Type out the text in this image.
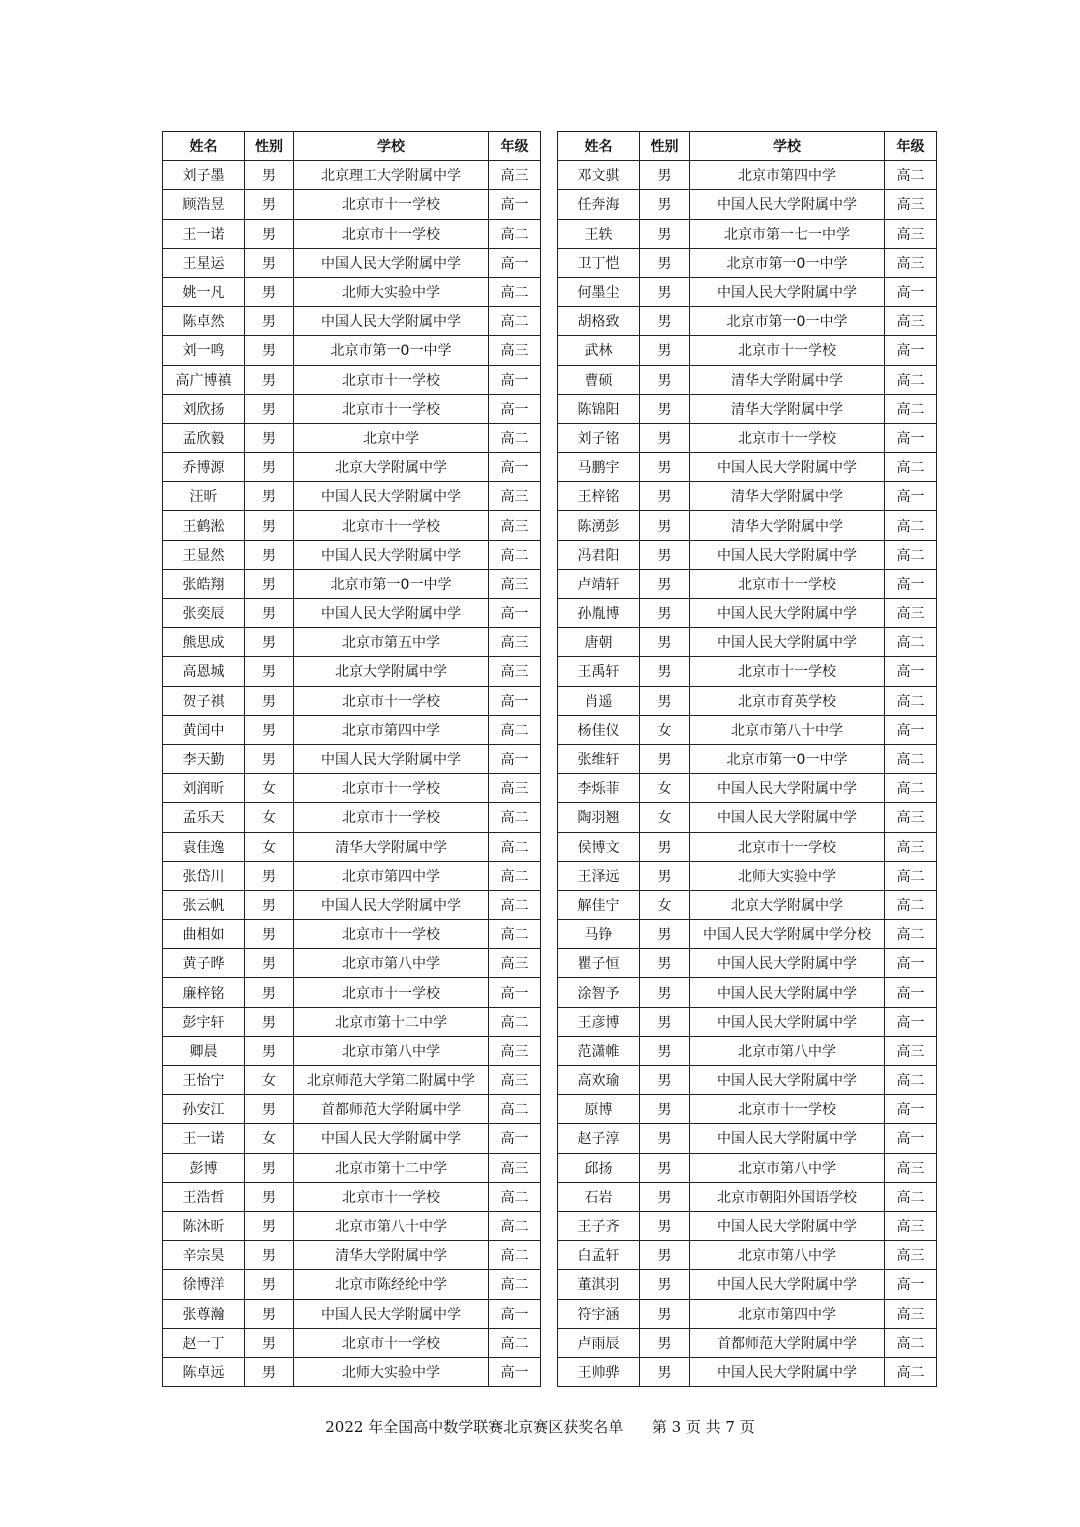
姓名	性别	学校	年级
刘子墨	男	北京理工大学附属中学	高三
顾浩昱	男	北京市十一学校	高一
王一诺	男	北京市十一学校	高二
王星运	男	中国人民大学附属中学	高一
姚一凡	男	北师大实验中学	高二
陈卓然	男	中国人民大学附属中学	高二
刘一鸣	男	北京市第一0一中学	高三
高广博禛	男	北京市十一学校	高一
刘欣扬	男	北京市十一学校	高一
孟欣毅	男	北京中学	高二
乔博源	男	北京大学附属中学	高一
汪昕	男	中国人民大学附属中学	高三
王鹤淞	男	北京市十一学校	高三
王显然	男	中国人民大学附属中学	高二
张皓翔	男	北京市第一0一中学	高三
张奕辰	男	中国人民大学附属中学	高一
熊思成	男	北京市第五中学	高三
高恩城	男	北京大学附属中学	高三
贺子祺	男	北京市十一学校	高一
黄闰中	男	北京市第四中学	高二
李天勤	男	中国人民大学附属中学	高一
刘润昕	女	北京市十一学校	高三
孟乐天	女	北京市十一学校	高二
袁佳逸	女	清华大学附属中学	高二
张岱川	男	北京市第四中学	高二
张云帆	男	中国人民大学附属中学	高二
曲相如	男	北京市十一学校	高二
黄子晔	男	北京市第八中学	高三
廉梓铭	男	北京市十一学校	高一
彭宇轩	男	北京市第十二中学	高二
卿晨	男	北京市第八中学	高三
王怡宁	女	北京师范大学第二附属中学	高三
孙安江	男	首都师范大学附属中学	高二
王一诺	女	中国人民大学附属中学	高一
彭博	男	北京市第十二中学	高三
王浩哲	男	北京市十一学校	高二
陈沐昕	男	北京市第八十中学	高二
辛宗昊	男	清华大学附属中学	高二
徐博洋	男	北京市陈经纶中学	高二
张尊瀚	男	中国人民大学附属中学	高一
赵一丁	男	北京市十一学校	高二
陈卓远	男	北师大实验中学	高一
姓名	性别	学校	年级
邓文骐	男	北京市第四中学	高二
任奔海	男	中国人民大学附属中学	高三
王轶	男	北京市第一七一中学	高三
卫丁恺	男	北京市第一0一中学	高三
何墨尘	男	中国人民大学附属中学	高一
胡格致	男	北京市第一0一中学	高三
武林	男	北京市十一学校	高一
曹硕	男	清华大学附属中学	高二
陈锦阳	男	清华大学附属中学	高二
刘子铭	男	北京市十一学校	高一
马鹏宇	男	中国人民大学附属中学	高二
王梓铭	男	清华大学附属中学	高一
陈湧彭	男	清华大学附属中学	高二
冯君阳	男	中国人民大学附属中学	高二
卢靖轩	男	北京市十一学校	高一
孙胤博	男	中国人民大学附属中学	高三
唐朝	男	中国人民大学附属中学	高二
王禹轩	男	北京市十一学校	高一
肖遥	男	北京市育英学校	高二
杨佳仪	女	北京市第八十中学	高一
张维轩	男	北京市第一0一中学	高二
李烁菲	女	中国人民大学附属中学	高二
陶羽翘	女	中国人民大学附属中学	高三
侯博文	男	北京市十一学校	高三
王泽远	男	北师大实验中学	高二
解佳宁	女	北京大学附属中学	高二
马铮	男	中国人民大学附属中学分校	高二
瞿子恒	男	中国人民大学附属中学	高一
涂智予	男	中国人民大学附属中学	高一
王彦博	男	中国人民大学附属中学	高一
范潇帷	男	北京市第八中学	高三
高欢瑜	男	中国人民大学附属中学	高二
原博	男	北京市十一学校	高一
赵子淳	男	中国人民大学附属中学	高一
邱扬	男	北京市第八中学	高三
石岩	男	北京市朝阳外国语学校	高二
王子齐	男	中国人民大学附属中学	高三
白孟轩	男	北京市第八中学	高三
董淇羽	男	中国人民大学附属中学	高一
符宇涵	男	北京市第四中学	高三
卢雨辰	男	首都师范大学附属中学	高二
王帅骅	男	中国人民大学附属中学	高二
2022 年全国高中数学联赛北京赛区获奖名单 第 3 页 共 7 页
